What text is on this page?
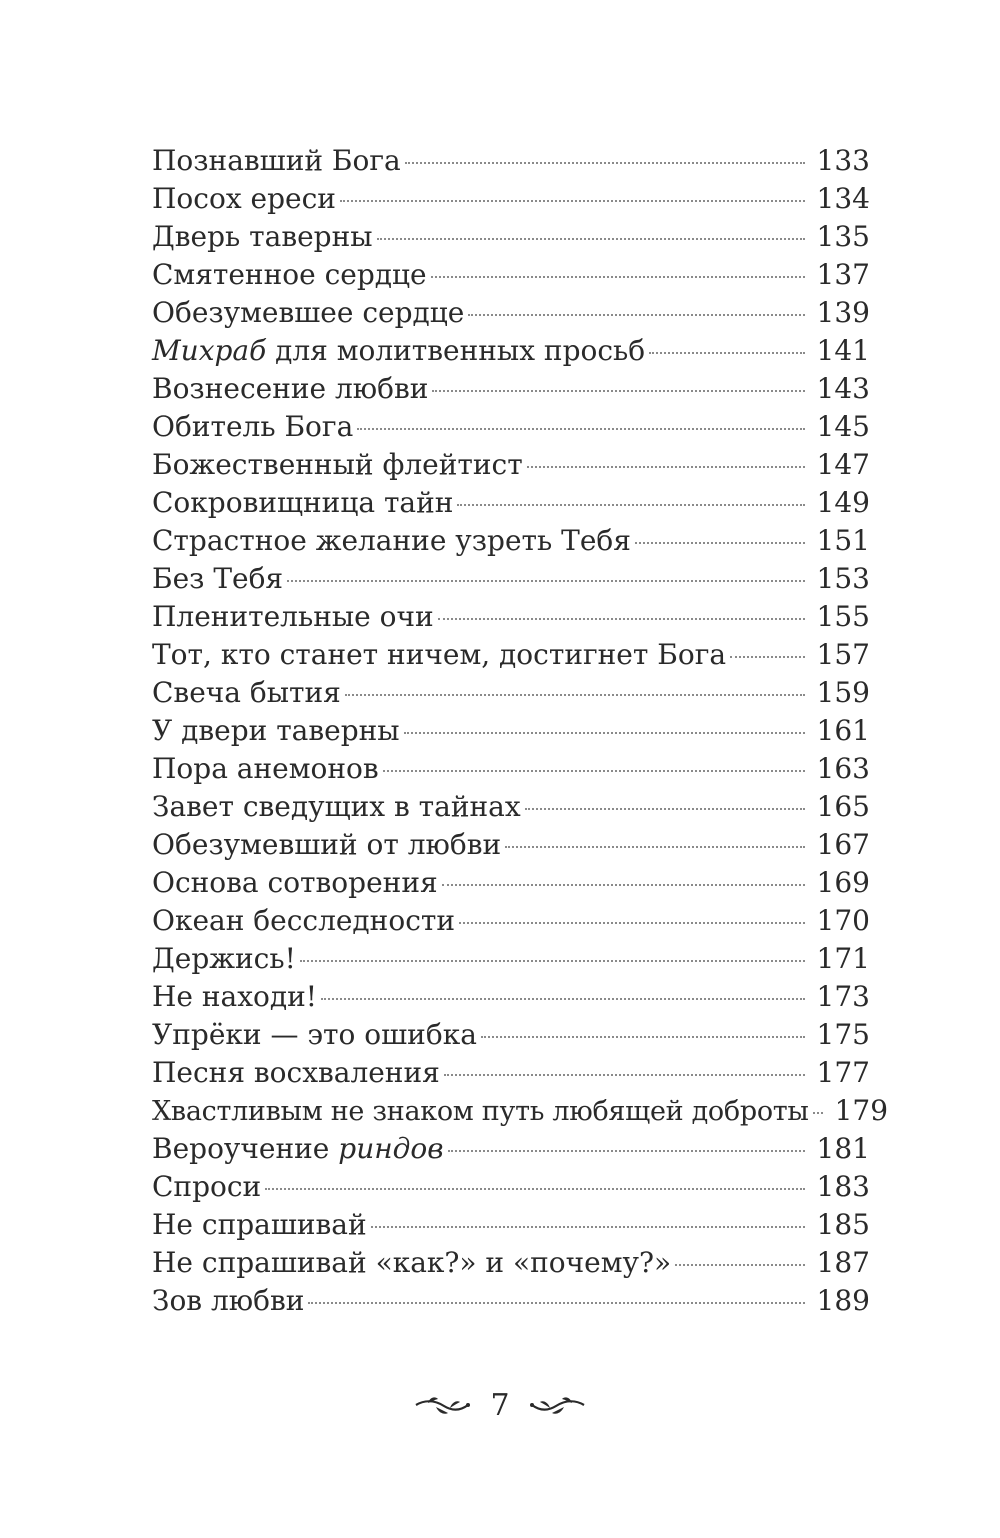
Познавший Бога	133
Посох ереси	134
Дверь таверны	135
Смятенное сердце	137
Обезумевшее сердце	139
Михраб для молитвенных просьб	141
Вознесение любви	143
Обитель Бога	145
Божественный флейтист	147
Сокровищница тайн	149
Страстное желание узреть Тебя	151
Без Тебя	153
Пленительные очи	155
Тот, кто станет ничем, достигнет Бога	157
Свеча бытия	159
У двери таверны	161
Пора анемонов	163
Завет сведущих в тайнах	165
Обезумевший от любви	167
Основа сотворения	169
Океан бесследности	170
Держись!	171
Не находи!	173
Упрёки — это ошибка	175
Песня восхваления	177
Хвастливым не знаком путь любящей доброты 179
Вероучение риндов	181
Спроси	183
Не спрашивай	185
Не спрашивай «как?» и «почему?»	187
Зов любви	189
7
